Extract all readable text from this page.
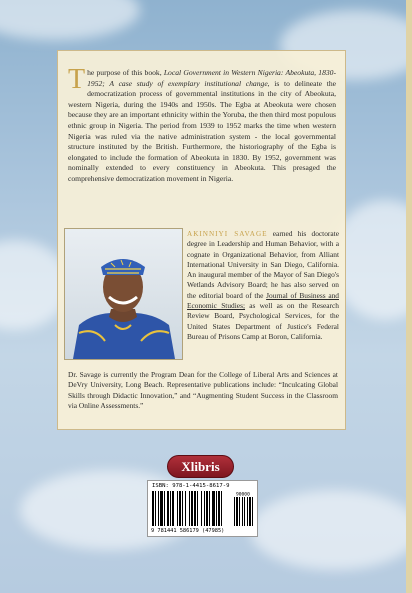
The purpose of this book, Local Government in Western Nigeria: Abeokuta, 1830-1952; A case study of exemplary institutional change, is to delineate the democratization process of governmental institutions in the city of Abeokuta, western Nigeria, during the 1940s and 1950s. The Egba at Abeokuta were chosen because they are an important ethnicity within the Yoruba, the then third most populous ethnic group in Nigeria. The period from 1939 to 1952 marks the time when western Nigeria was ruled via the native administration system - the local governmental structure instituted by the British. Furthermore, the historiography of the Egba is elongated to include the formation of Abeokuta in 1830. By 1952, government was nominally extended to every constituency in Abeokuta. This presaged the comprehensive democratization movement in Nigeria.

AKINNIYI SAVAGE earned his doctorate degree in Leadership and Human Behavior, with a cognate in Organizational Behavior, from Alliant International University in San Diego, California. An inaugural member of the Mayor of San Diego's Wetlands Advisory Board; he has also served on the editorial board of the Journal of Business and Economic Studies; as well as on the Research Review Board, Psychological Services, for the United States Department of Justice's Federal Bureau of Prisons Camp at Boron, California.

Dr. Savage is currently the Program Dean for the College of Liberal Arts and Sciences at DeVry University, Long Beach. Representative publications include: “Inculcating Global Skills through Didactic Innovation,” and “Augmenting Student Success in the Classroom via Online Assessments.”

Xlibris
ISBN: 978-1-4415-8617-9
90000
9 781441 586179 (47985)
